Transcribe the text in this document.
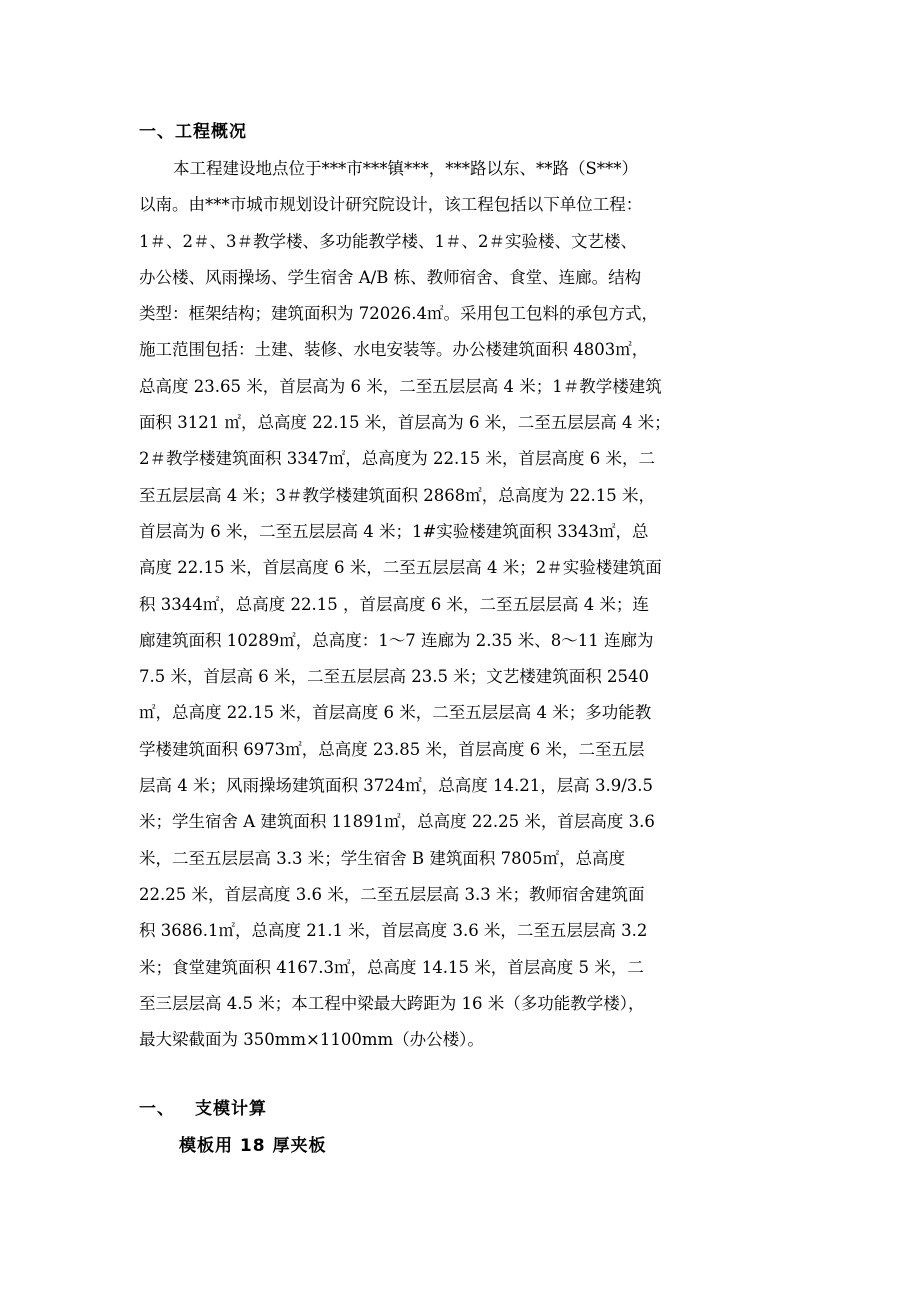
一、工程概况
本工程建设地点位于***市***镇***，***路以东、**路（S***）
以南。由***市城市规划设计研究院设计，该工程包括以下单位工程：
1＃、2＃、3＃教学楼、多功能教学楼、1＃、2＃实验楼、文艺楼、
办公楼、风雨操场、学生宿舍 A/B 栋、教师宿舍、食堂、连廊。结构
类型：框架结构；建筑面积为 72026.4㎡。采用包工包料的承包方式，
施工范围包括：土建、装修、水电安装等。办公楼建筑面积 4803㎡，
总高度 23.65 米，首层高为 6 米，二至五层层高 4 米；1＃教学楼建筑
面积 3121 ㎡，总高度 22.15 米，首层高为 6 米，二至五层层高 4 米；
2＃教学楼建筑面积 3347㎡，总高度为 22.15 米，首层高度 6 米，二
至五层层高 4 米；3＃教学楼建筑面积 2868㎡，总高度为 22.15 米，
首层高为 6 米，二至五层层高 4 米；1#实验楼建筑面积 3343㎡，总
高度 22.15 米，首层高度 6 米，二至五层层高 4 米；2＃实验楼建筑面
积 3344㎡，总高度 22.15 ，首层高度 6 米，二至五层层高 4 米；连
廊建筑面积 10289㎡，总高度：1～7 连廊为 2.35 米、8～11 连廊为
7.5 米，首层高 6 米，二至五层层高 23.5 米；文艺楼建筑面积 2540
㎡，总高度 22.15 米，首层高度 6 米，二至五层层高 4 米；多功能教
学楼建筑面积 6973㎡，总高度 23.85 米，首层高度 6 米，二至五层
层高 4 米；风雨操场建筑面积 3724㎡，总高度 14.21，层高 3.9/3.5
米；学生宿舍 A 建筑面积 11891㎡，总高度 22.25 米，首层高度 3.6
米，二至五层层高 3.3 米；学生宿舍 B 建筑面积 7805㎡，总高度
22.25 米，首层高度 3.6 米，二至五层层高 3.3 米；教师宿舍建筑面
积 3686.1㎡，总高度 21.1 米，首层高度 3.6 米，二至五层层高 3.2
米；食堂建筑面积 4167.3㎡，总高度 14.15 米，首层高度 5 米，二
至三层层高 4.5 米；本工程中梁最大跨距为 16 米（多功能教学楼），
最大梁截面为 350mm×1100mm（办公楼）。
一、 支模计算

模板用 18 厚夹板
